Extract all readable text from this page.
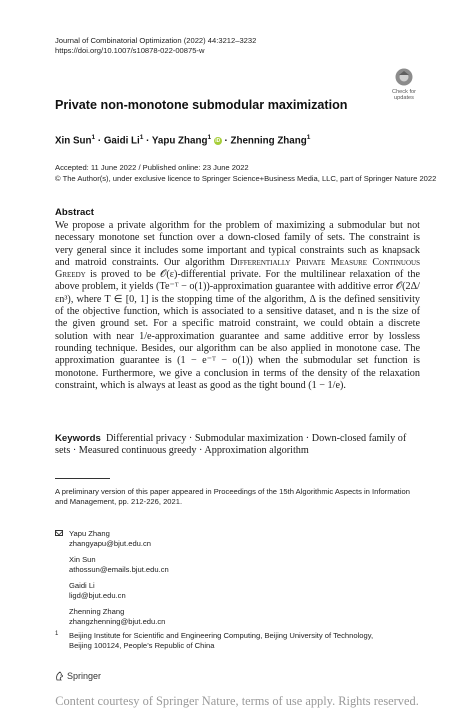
Journal of Combinatorial Optimization (2022) 44:3212–3232
https://doi.org/10.1007/s10878-022-00875-w
Check for
updates
Private non-monotone submodular maximization
Xin Sun$^1$ · Gaidi $Li^1$ · Yapu Zhang$^1$ iD · Zhenning Zhang$^1$
Accepted: 11 June 2022 / Published online: 23 June 2022
© The Author(s), under exclusive licence to Springer Science+Business Media, LLC, part of Springer Nature 2022
Abstract
We propose a private algorithm for the problem of maximizing a submodular but not necessary monotone set function over a down-closed family of sets. The constraint is very general since it includes some important and typical constraints such as knapsack and matroid constraints. Our algorithm Differentially Private Measure Continuous Greedy is proved to be 𝒪(ε)-differential private. For the multilinear relaxation of the above problem, it yields (Te⁻ᵀ − o(1))-approximation guarantee with additive error 𝒪(2Δ/εn³), where T ∈ [0, 1] is the stopping time of the algorithm, Δ is the defined sensitivity of the objective function, which is associated to a sensitive dataset, and n is the size of the given ground set. For a specific matroid constraint, we could obtain a discrete solution with near 1/e-approximation guarantee and same additive error by lossless rounding technique. Besides, our algorithm can be also applied in monotone case. The approximation guarantee is (1 − e⁻ᵀ − o(1)) when the submodular set function is monotone. Furthermore, we give a conclusion in terms of the density of the relaxation constraint, which is always at least as good as the tight bound (1 − 1/e).
Keywords Differential privacy · Submodular maximization · Down-closed family of sets · Measured continuous greedy · Approximation algorithm
A preliminary version of this paper appeared in Proceedings of the 15th Algorithmic Aspects in Information and Management, pp. 212-226, 2021.
Yapu Zhang
zhangyapu@bjut.edu.cn
Xin Sun
athossun@emails.bjut.edu.cn
Gaidi Li
ligd@bjut.edu.cn
Zhenning Zhang
zhangzhenning@bjut.edu.cn
1 Beijing Institute for Scientific and Engineering Computing, Beijing University of Technology,
Beijing 100124, People’s Republic of China
Springer
Content courtesy of Springer Nature, terms of use apply. Rights reserved.
